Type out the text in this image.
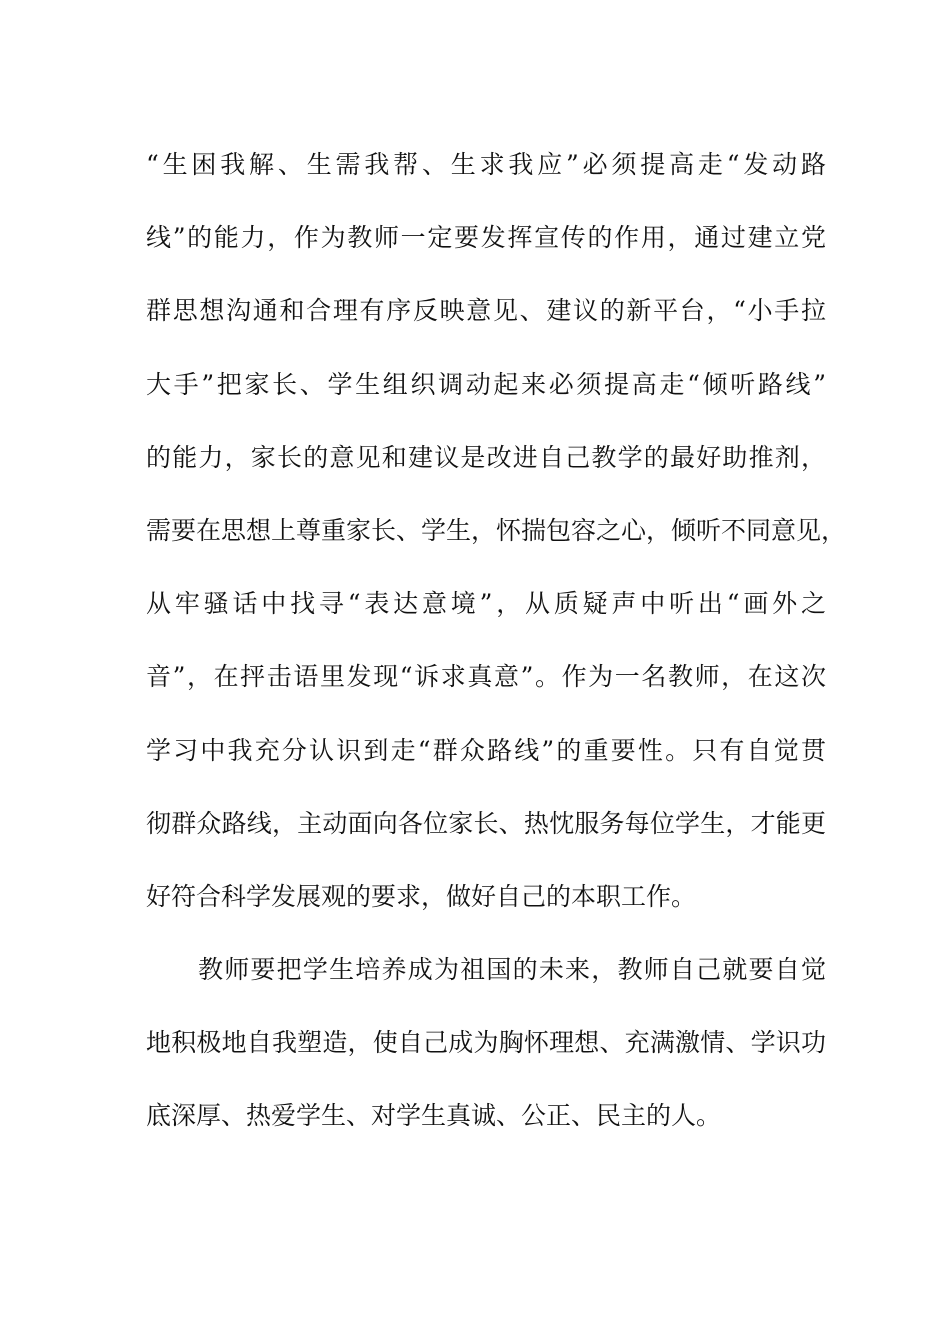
“生困我解、生需我帮、生求我应”必须提高走“发动路
线”的能力，作为教师一定要发挥宣传的作用，通过建立党
群思想沟通和合理有序反映意见、建议的新平台，“小手拉
大手”把家长、学生组织调动起来必须提高走“倾听路线”
的能力，家长的意见和建议是改进自己教学的最好助推剂，
需要在思想上尊重家长、学生，怀揣包容之心，倾听不同意见，
从牢骚话中找寻“表达意境”，从质疑声中听出“画外之
音”，在抨击语里发现“诉求真意”。作为一名教师，在这次
学习中我充分认识到走“群众路线”的重要性。只有自觉贯
彻群众路线，主动面向各位家长、热忱服务每位学生，才能更
好符合科学发展观的要求，做好自己的本职工作。
教师要把学生培养成为祖国的未来，教师自己就要自觉
地积极地自我塑造，使自己成为胸怀理想、充满激情、学识功
底深厚、热爱学生、对学生真诚、公正、民主的人。
